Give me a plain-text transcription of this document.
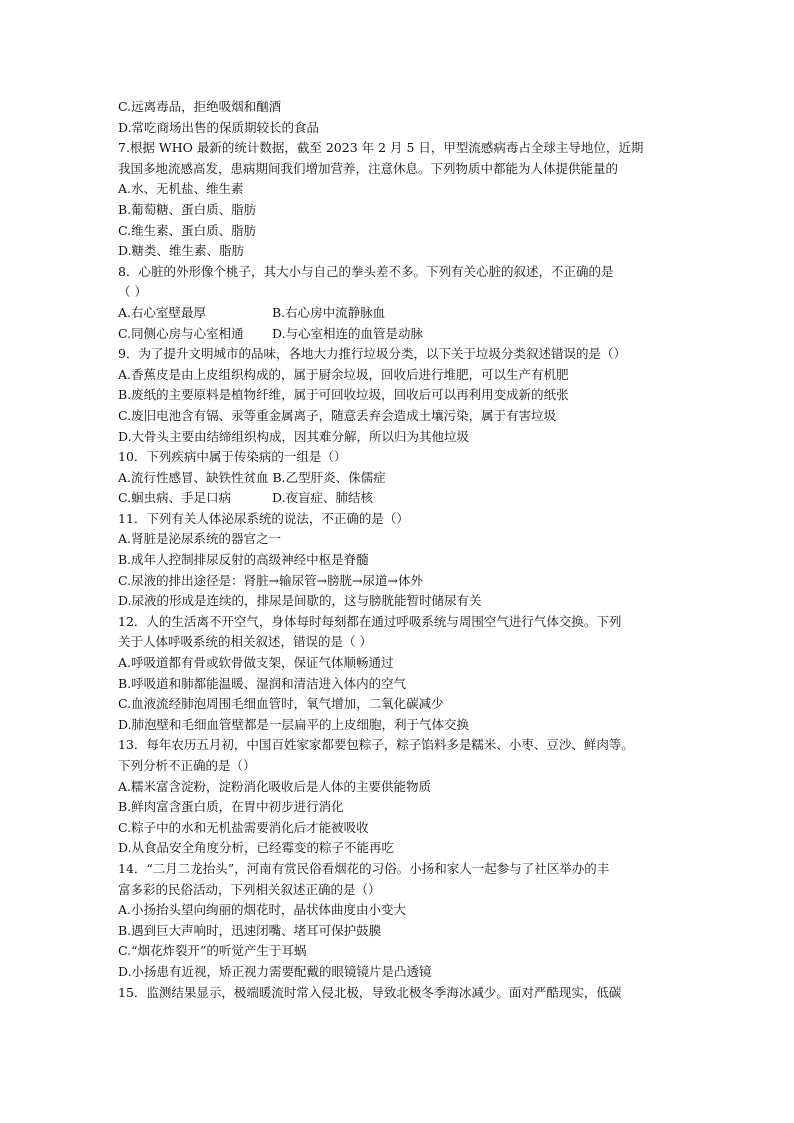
C.远离毒品，拒绝吸烟和酗酒
D.常吃商场出售的保质期较长的食品
7.根据 WHO 最新的统计数据，截至 2023 年 2 月 5 日，甲型流感病毒占全球主导地位，近期
我国多地流感高发，患病期间我们增加营养，注意休息。下列物质中都能为人体提供能量的
A.水、无机盐、维生素
B.葡萄糖、蛋白质、脂肪
C.维生素、蛋白质、脂肪
D.糖类、维生素、脂肪
8．心脏的外形像个桃子，其大小与自己的拳头差不多。下列有关心脏的叙述，不正确的是
（ ）
A.右心室壁最厚	B.右心房中流静脉血
C.同侧心房与心室相通	D.与心室相连的血管是动脉
9．为了提升文明城市的品味，各地大力推行垃圾分类，以下关于垃圾分类叙述错误的是（）
A.香蕉皮是由上皮组织构成的，属于厨余垃圾，回收后进行堆肥，可以生产有机肥
B.废纸的主要原料是植物纤维，属于可回收垃圾，回收后可以再利用变成新的纸张
C.废旧电池含有镉、汞等重金属离子，随意丢弃会造成土壤污染，属于有害垃圾
D.大骨头主要由结缔组织构成，因其难分解，所以归为其他垃圾
10．下列疾病中属于传染病的一组是（）
A.流行性感冒、缺铁性贫血 B.乙型肝炎、侏儒症
C.蛔虫病、手足口病	D.夜盲症、肺结核
11．下列有关人体泌尿系统的说法，不正确的是（）
A.肾脏是泌尿系统的器官之一
B.成年人控制排尿反射的高级神经中枢是脊髓
C.尿液的排出途径是：肾脏→输尿管→膀胱→尿道→体外
D.尿液的形成是连续的，排尿是间歇的，这与膀胱能暂时储尿有关
12．人的生活离不开空气，身体每时每刻都在通过呼吸系统与周围空气进行气体交换。下列
关于人体呼吸系统的相关叙述，错误的是（ ）
A.呼吸道都有骨或软骨做支架，保证气体顺畅通过
B.呼吸道和肺都能温暖、湿润和清洁进入体内的空气
C.血液流经肺泡周围毛细血管时，氧气增加，二氧化碳减少
D.肺泡壁和毛细血管壁都是一层扁平的上皮细胞，利于气体交换
13．每年农历五月初，中国百姓家家都要包粽子，粽子馅料多是糯米、小枣、豆沙、鲜肉等。
下列分析不正确的是（）
A.糯米富含淀粉，淀粉消化吸收后是人体的主要供能物质
B.鲜肉富含蛋白质，在胃中初步进行消化
C.粽子中的水和无机盐需要消化后才能被吸收
D.从食品安全角度分析，已经霉变的粽子不能再吃
14．“二月二龙抬头”，河南有赏民俗看烟花的习俗。小扬和家人一起参与了社区举办的丰
富多彩的民俗活动，下列相关叙述正确的是（）
A.小扬抬头望向绚丽的烟花时，晶状体曲度由小变大
B.遇到巨大声响时，迅速闭嘴、堵耳可保护鼓膜
C.“烟花炸裂开”的听觉产生于耳蜗
D.小扬患有近视，矫正视力需要配戴的眼镜镜片是凸透镜
15．监测结果显示，极端暖流时常入侵北极，导致北极冬季海冰减少。面对严酷现实，低碳
